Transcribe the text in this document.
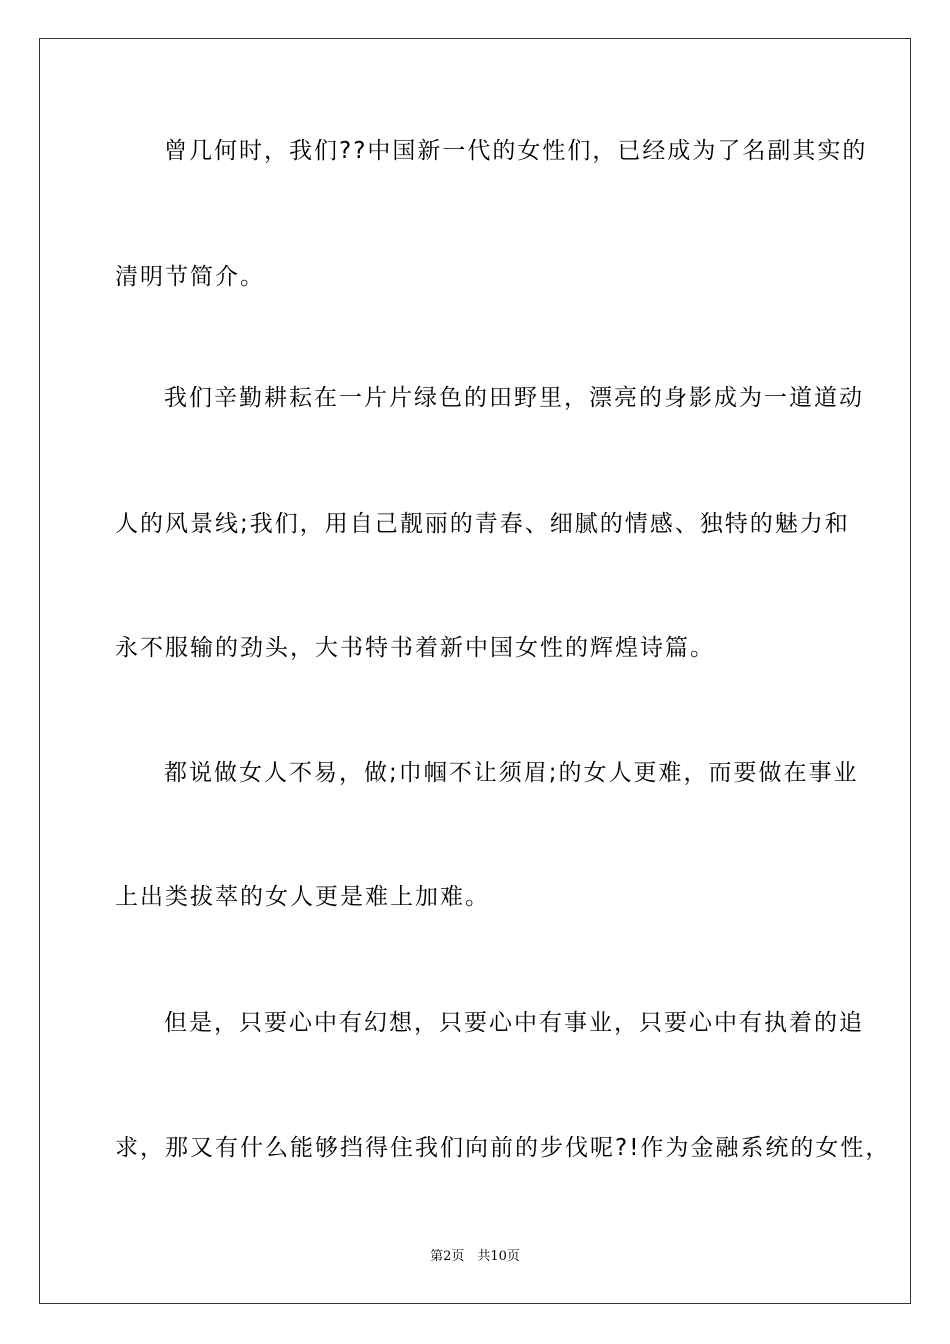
曾几何时，我们??中国新一代的女性们，已经成为了名副其实的
清明节简介。
我们辛勤耕耘在一片片绿色的田野里，漂亮的身影成为一道道动
人的风景线;我们，用自己靓丽的青春、细腻的情感、独特的魅力和
永不服输的劲头，大书特书着新中国女性的辉煌诗篇。
都说做女人不易，做;巾帼不让须眉;的女人更难，而要做在事业
上出类拔萃的女人更是难上加难。
但是，只要心中有幻想，只要心中有事业，只要心中有执着的追
求，那又有什么能够挡得住我们向前的步伐呢?!作为金融系统的女性，
第2页　共10页
